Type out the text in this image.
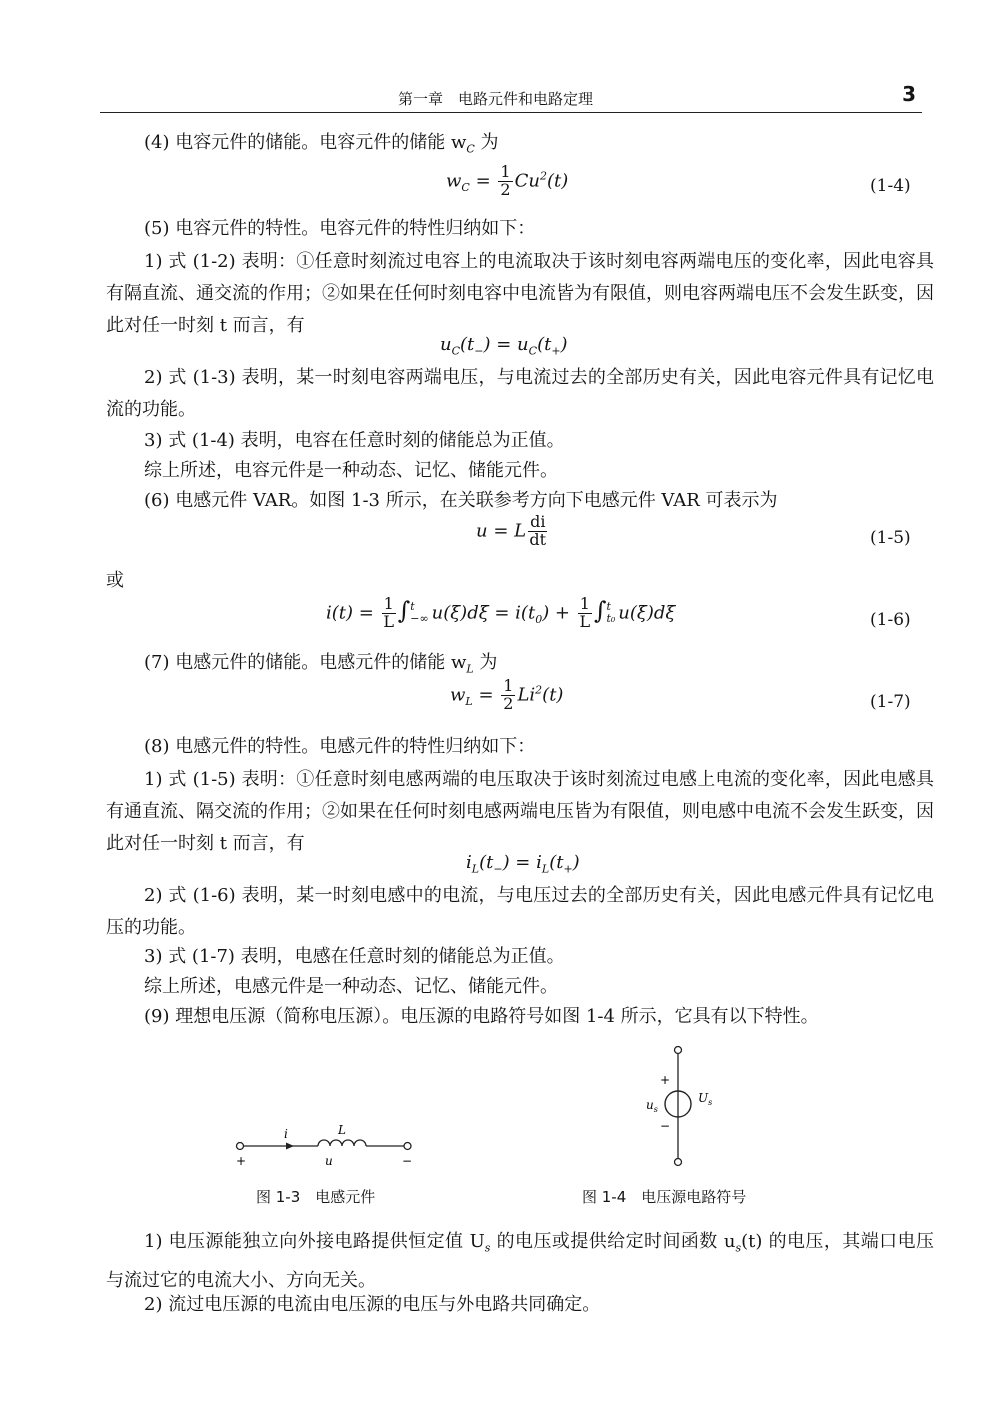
第一章　电路元件和电路定理	3
(4) 电容元件的储能。电容元件的储能 $w_C$ 为
$w_C = \frac{1}{2} Cu^2(t)$	(1-4)
(5) 电容元件的特性。电容元件的特性归纳如下：
1) 式 (1-2) 表明：①任意时刻流过电容上的电流取决于该时刻电容两端电压的变化率，因此电容具有隔直流、通交流的作用；②如果在任何时刻电容中电流皆为有限值，则电容两端电压不会发生跃变，因此对任一时刻 t 而言，有
$u_C(t_-) = u_C(t_+)$
2) 式 (1-3) 表明，某一时刻电容两端电压，与电流过去的全部历史有关，因此电容元件具有记忆电流的功能。
3) 式 (1-4) 表明，电容在任意时刻的储能总为正值。
综上所述，电容元件是一种动态、记忆、储能元件。
(6) 电感元件 VAR。如图 1-3 所示，在关联参考方向下电感元件 VAR 可表示为
u = L $\frac{di}{dt}$	(1-5)
或
$i(t) = \frac{1}{L}$ ∫ t
−∞ $u(\xi)d\xi = i(t_0) + \frac{1}{L}$ ∫ t
t₀ u(ξ)dξ	(1-6)
(7) 电感元件的储能。电感元件的储能 $w_L$ 为
$w_L = \frac{1}{2} Li^2(t)$	(1-7)
(8) 电感元件的特性。电感元件的特性归纳如下：
1) 式 (1-5) 表明：①任意时刻电感两端的电压取决于该时刻流过电感上电流的变化率，因此电感具有通直流、隔交流的作用；②如果在任何时刻电感两端电压皆为有限值，则电感中电流不会发生跃变，因此对任一时刻 t 而言，有
$i_L(t_-) = i_L(t_+)$
2) 式 (1-6) 表明，某一时刻电感中的电流，与电压过去的全部历史有关，因此电感元件具有记忆电压的功能。
3) 式 (1-7) 表明，电感在任意时刻的储能总为正值。
综上所述，电感元件是一种动态、记忆、储能元件。
(9) 理想电压源（简称电压源）。电压源的电路符号如图 1-4 所示，它具有以下特性。
i	L
u
+	−
图 1-3　电感元件
+
−
$u_s$
$U_s$
图 1-4　电压源电路符号
1) 电压源能独立向外接电路提供恒定值 $U_s$ 的电压或提供给定时间函数 $u_s(t)$ 的电压，其端口电压与流过它的电流大小、方向无关。
2) 流过电压源的电流由电压源的电压与外电路共同确定。
